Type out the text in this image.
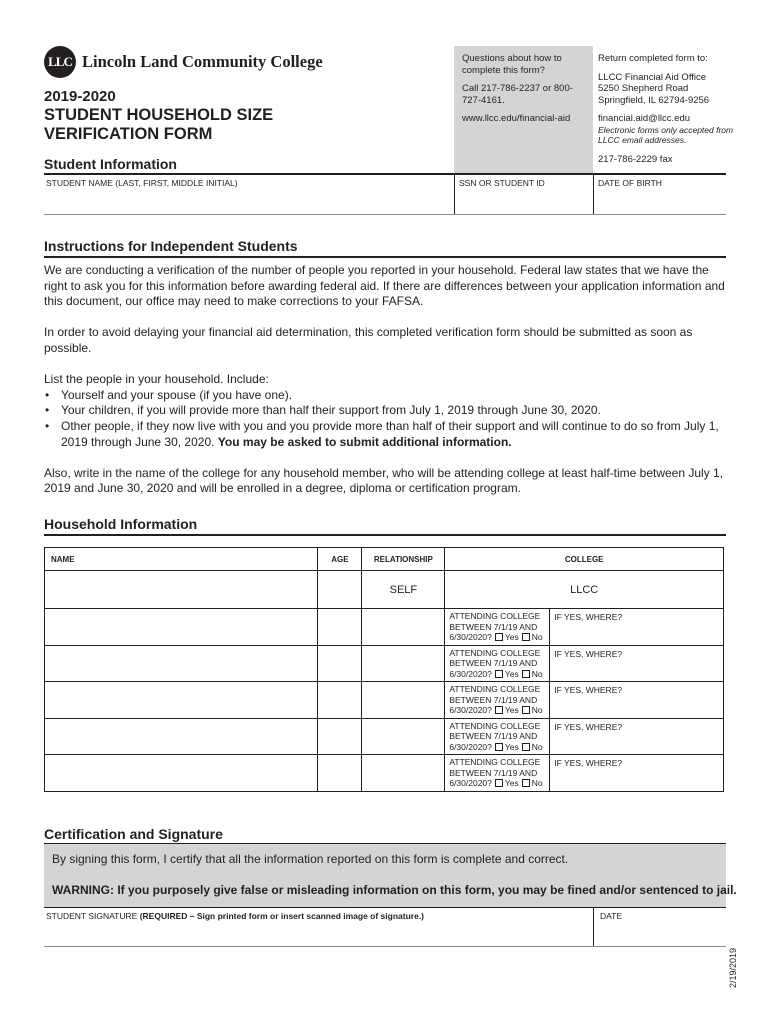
LLC Lincoln Land Community College
2019-2020
STUDENT HOUSEHOLD SIZE
VERIFICATION FORM

Questions about how to complete this form?

Call 217-786-2237 or 800-727-4161.

www.llcc.edu/financial-aid

Return completed form to:

LLCC Financial Aid Office

5250 Shepherd Road

Springfield, IL 62794-9256

financial.aid@llcc.edu

Electronic forms only accepted from LLCC email addresses.

217-786-2229 fax

Student Information
STUDENT NAME (LAST, FIRST, MIDDLE INITIAL)	SSN OR STUDENT ID	DATE OF BIRTH
Instructions for Independent Students

We are conducting a verification of the number of people you reported in your household. Federal law states that we have the right to ask you for this information before awarding federal aid. If there are differences between your application information and this document, our office may need to make corrections to your FAFSA.

In order to avoid delaying your financial aid determination, this completed verification form should be submitted as soon as possible.

List the people in your household. Include:
• Yourself and your spouse (if you have one).
• Your children, if you will provide more than half their support from July 1, 2019 through June 30, 2020.
• Other people, if they now live with you and you provide more than half of their support and will continue to do so from July 1, 2019 through June 30, 2020. You may be asked to submit additional information.

Also, write in the name of the college for any household member, who will be attending college at least half-time between July 1, 2019 and June 30, 2020 and will be enrolled in a degree, diploma or certification program.

Household Information
NAME	AGE	RELATIONSHIP	COLLEGE	
		SELF	LLCC	
			ATTENDING COLLEGE
BETWEEN 7/1/19 AND
6/30/2020? Yes No	IF YES, WHERE?
			ATTENDING COLLEGE
BETWEEN 7/1/19 AND
6/30/2020? Yes No	IF YES, WHERE?
			ATTENDING COLLEGE
BETWEEN 7/1/19 AND
6/30/2020? Yes No	IF YES, WHERE?
			ATTENDING COLLEGE
BETWEEN 7/1/19 AND
6/30/2020? Yes No	IF YES, WHERE?
			ATTENDING COLLEGE
BETWEEN 7/1/19 AND
6/30/2020? Yes No	IF YES, WHERE?
Certification and Signature
By signing this form, I certify that all the information reported on this form is complete and correct.
WARNING: If you purposely give false or misleading information on this form, you may be fined and/or sentenced to jail.
STUDENT SIGNATURE (REQUIRED – Sign printed form or insert scanned image of signature.)	DATE
2/19/2019
